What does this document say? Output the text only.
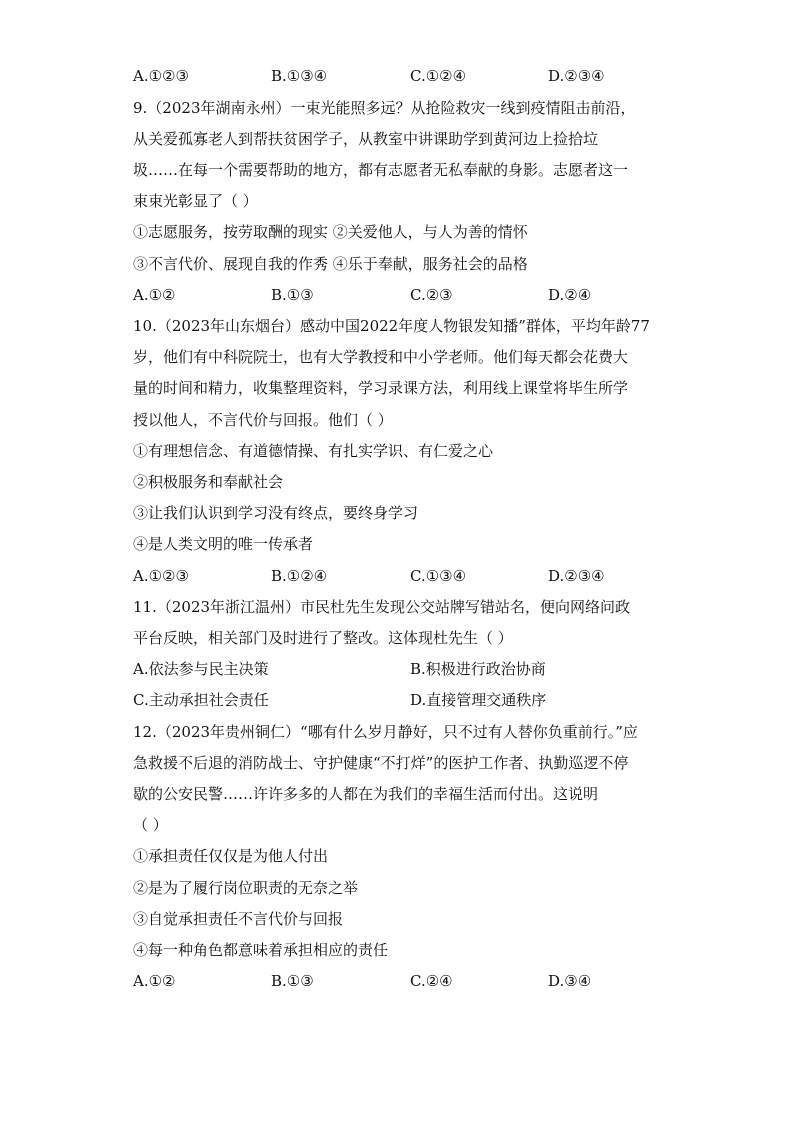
A.①②③	B.①③④	C.①②④	D.②③④
9.（2023年湖南永州）一束光能照多远？从抢险救灾一线到疫情阻击前沿，
从关爱孤寡老人到帮扶贫困学子，从教室中讲课助学到黄河边上捡拾垃
圾……在每一个需要帮助的地方，都有志愿者无私奉献的身影。志愿者这一
束束光彰显了（ ）
①志愿服务，按劳取酬的现实 ②关爱他人，与人为善的情怀
③不言代价、展现自我的作秀 ④乐于奉献，服务社会的品格
A.①②	B.①③	C.②③	D.②④
10.（2023年山东烟台）感动中国2022年度人物银发知播”群体，平均年龄77
岁，他们有中科院院士，也有大学教授和中小学老师。他们每天都会花费大
量的时间和精力，收集整理资料，学习录课方法，利用线上课堂将毕生所学
授以他人，不言代价与回报。他们（ ）
①有理想信念、有道德情操、有扎实学识、有仁爱之心
②积极服务和奉献社会
③让我们认识到学习没有终点，要终身学习
④是人类文明的唯一传承者
A.①②③	B.①②④	C.①③④	D.②③④
11.（2023年浙江温州）市民杜先生发现公交站牌写错站名，便向网络问政
平台反映，相关部门及时进行了整改。这体现杜先生（ ）
A.依法参与民主决策	B.积极进行政治协商
C.主动承担社会责任	D.直接管理交通秩序
12.（2023年贵州铜仁）“哪有什么岁月静好，只不过有人替你负重前行。”应
急救援不后退的消防战士、守护健康“不打烊”的医护工作者、执勤巡逻不停
歇的公安民警……许许多多的人都在为我们的幸福生活而付出。这说明
（ ）
①承担责任仅仅是为他人付出
②是为了履行岗位职责的无奈之举
③自觉承担责任不言代价与回报
④每一种角色都意味着承担相应的责任
A.①②	B.①③	C.②④	D.③④
